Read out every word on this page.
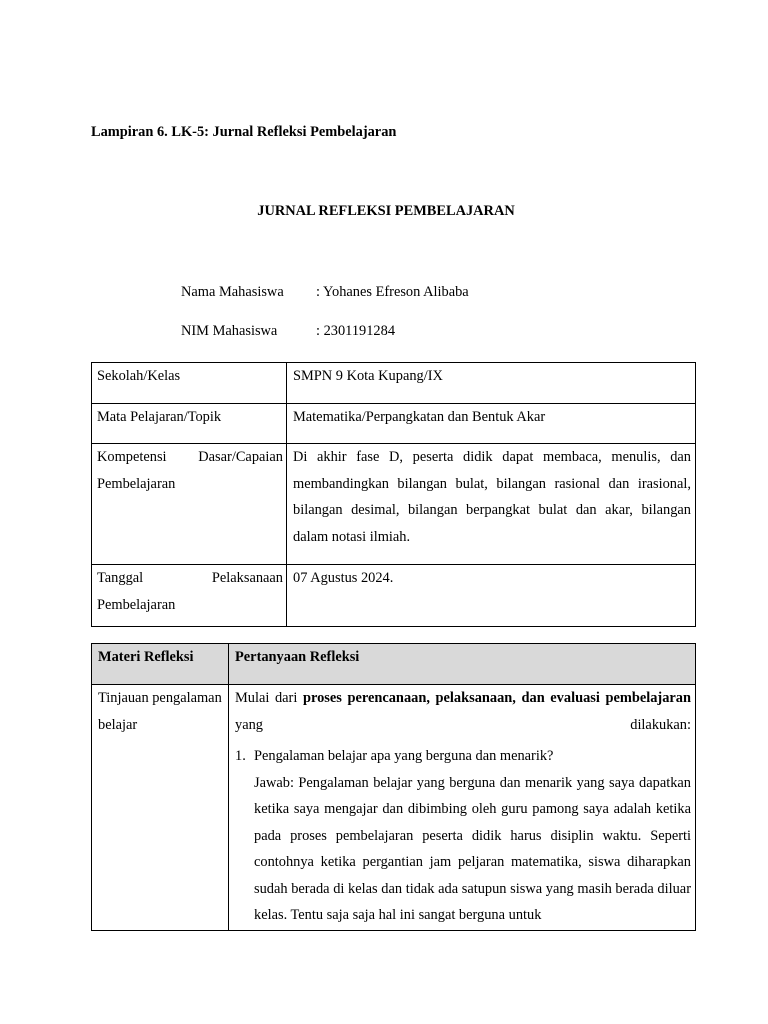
Lampiran 6. LK-5: Jurnal Refleksi Pembelajaran
JURNAL REFLEKSI PEMBELAJARAN
Nama Mahasiswa : Yohanes Efreson Alibaba
NIM Mahasiswa	: 2301191284
Sekolah/Kelas	SMPN 9 Kota Kupang/IX
Mata Pelajaran/Topik	Matematika/Perpangkatan dan Bentuk Akar
Kompetensi Dasar/Capaian Pembelajaran	Di akhir fase D, peserta didik dapat membaca, menulis, dan membandingkan bilangan bulat, bilangan rasional dan irasional, bilangan desimal, bilangan berpangkat bulat dan akar, bilangan dalam notasi ilmiah.
Tanggal Pelaksanaan Pembelajaran	07 Agustus 2024.
Materi Refleksi	Pertanyaan Refleksi

Tinjauan pengalaman belajar	Mulai dari proses perencanaan, pelaksanaan, dan evaluasi pembelajaran yang dilakukan:
1. Pengalaman belajar apa yang berguna dan menarik?
Jawab: Pengalaman belajar yang berguna dan menarik yang saya dapatkan ketika saya mengajar dan dibimbing oleh guru pamong saya adalah ketika pada proses pembelajaran peserta didik harus disiplin waktu. Seperti contohnya ketika pergantian jam peljaran matematika, siswa diharapkan sudah berada di kelas dan tidak ada satupun siswa yang masih berada diluar kelas. Tentu saja saja hal ini sangat berguna untuk
